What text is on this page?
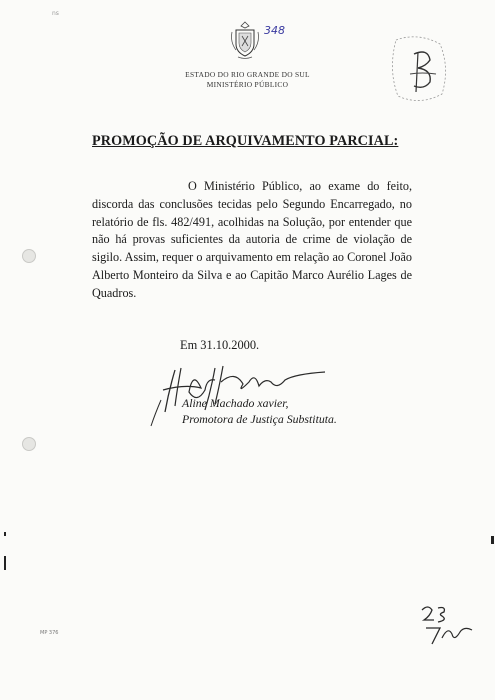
ns
348
ESTADO DO RIO GRANDE DO SUL
MINISTÉRIO PÚBLICO
PROMOÇÃO DE ARQUIVAMENTO PARCIAL:
O Ministério Público, ao exame do feito, discorda das conclusões tecidas pelo Segundo Encarregado, no relatório de fls. 482/491, acolhidas na Solução, por entender que não há provas suficientes da autoria de crime de violação de sigilo. Assim, requer o arquivamento em relação ao Coronel João Alberto Monteiro da Silva e ao Capitão Marco Aurélio Lages de Quadros.
Em 31.10.2000.
Aline Machado xavier,
Promotora de Justiça Substituta.
MP 376
